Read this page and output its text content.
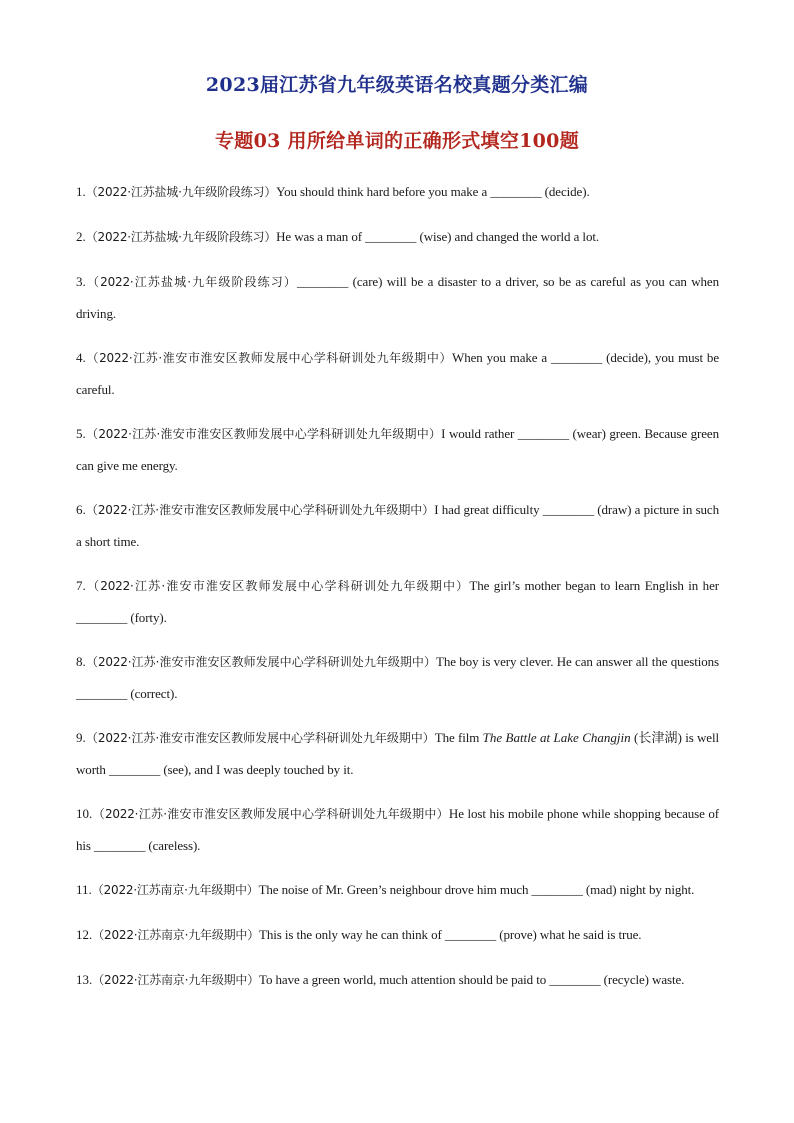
2023届江苏省九年级英语名校真题分类汇编
专题03 用所给单词的正确形式填空100题

1.（2022·江苏盐城·九年级阶段练习）You should think hard before you make a ________ (decide).

2.（2022·江苏盐城·九年级阶段练习）He was a man of ________ (wise) and changed the world a lot.

3.（2022·江苏盐城·九年级阶段练习）________ (care) will be a disaster to a driver, so be as careful as you can when driving.

4.（2022·江苏·淮安市淮安区教师发展中心学科研训处九年级期中）When you make a ________ (decide), you must be careful.

5.（2022·江苏·淮安市淮安区教师发展中心学科研训处九年级期中）I would rather ________ (wear) green. Because green can give me energy.

6.（2022·江苏·淮安市淮安区教师发展中心学科研训处九年级期中）I had great difficulty ________ (draw) a picture in such a short time.

7.（2022·江苏·淮安市淮安区教师发展中心学科研训处九年级期中）The girl’s mother began to learn English in her ________ (forty).

8.（2022·江苏·淮安市淮安区教师发展中心学科研训处九年级期中）The boy is very clever. He can answer all the questions ________ (correct).

9.（2022·江苏·淮安市淮安区教师发展中心学科研训处九年级期中）The film The Battle at Lake Changjin (长津湖) is well worth ________ (see), and I was deeply touched by it.

10.（2022·江苏·淮安市淮安区教师发展中心学科研训处九年级期中）He lost his mobile phone while shopping because of his ________ (careless).

11.（2022·江苏南京·九年级期中）The noise of Mr. Green’s neighbour drove him much ________ (mad) night by night.

12.（2022·江苏南京·九年级期中）This is the only way he can think of ________ (prove) what he said is true.

13.（2022·江苏南京·九年级期中）To have a green world, much attention should be paid to ________ (recycle) waste.
